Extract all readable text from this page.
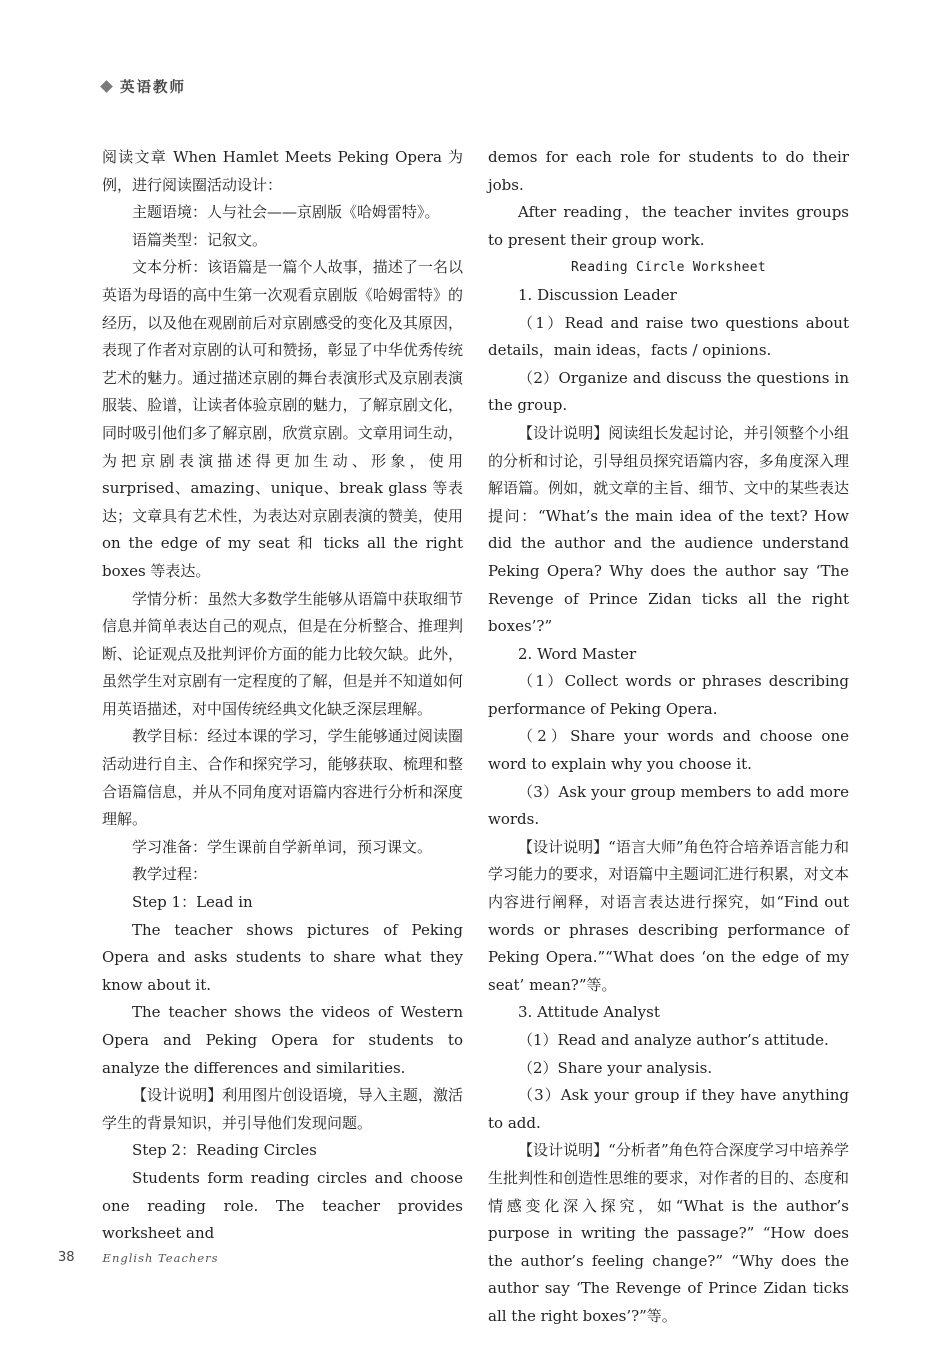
英语教师

阅读文章 When Hamlet Meets Peking Opera 为例，进行阅读圈活动设计：

主题语境：人与社会——京剧版《哈姆雷特》。

语篇类型：记叙文。

文本分析：该语篇是一篇个人故事，描述了一名以英语为母语的高中生第一次观看京剧版《哈姆雷特》的经历，以及他在观剧前后对京剧感受的变化及其原因，表现了作者对京剧的认可和赞扬，彰显了中华优秀传统艺术的魅力。通过描述京剧的舞台表演形式及京剧表演服装、脸谱，让读者体验京剧的魅力，了解京剧文化，同时吸引他们多了解京剧，欣赏京剧。文章用词生动，为把京剧表演描述得更加生动、形象，使用 surprised、amazing、unique、break glass 等表达；文章具有艺术性，为表达对京剧表演的赞美，使用 on the edge of my seat 和 ticks all the right boxes 等表达。

学情分析：虽然大多数学生能够从语篇中获取细节信息并简单表达自己的观点，但是在分析整合、推理判断、论证观点及批判评价方面的能力比较欠缺。此外，虽然学生对京剧有一定程度的了解，但是并不知道如何用英语描述，对中国传统经典文化缺乏深层理解。

教学目标：经过本课的学习，学生能够通过阅读圈活动进行自主、合作和探究学习，能够获取、梳理和整合语篇信息，并从不同角度对语篇内容进行分析和深度理解。

学习准备：学生课前自学新单词，预习课文。

教学过程：

Step 1：Lead in

The teacher shows pictures of Peking Opera and asks students to share what they know about it.

The teacher shows the videos of Western Opera and Peking Opera for students to analyze the differences and similarities.

【设计说明】利用图片创设语境，导入主题，激活学生的背景知识，并引导他们发现问题。

Step 2：Reading Circles

Students form reading circles and choose one reading role. The teacher provides worksheet and

demos for each role for students to do their jobs.

After reading，the teacher invites groups to present their group work.

Reading Circle Worksheet

1. Discussion Leader

（1）Read and raise two questions about details，main ideas，facts / opinions.

（2）Organize and discuss the questions in the group.

【设计说明】阅读组长发起讨论，并引领整个小组的分析和讨论，引导组员探究语篇内容，多角度深入理解语篇。例如，就文章的主旨、细节、文中的某些表达提问：“What’s the main idea of the text? How did the author and the audience understand Peking Opera? Why does the author say ‘The Revenge of Prince Zidan ticks all the right boxes’?”

2. Word Master

（1）Collect words or phrases describing performance of Peking Opera.

（2）Share your words and choose one word to explain why you choose it.

（3）Ask your group members to add more words.

【设计说明】“语言大师”角色符合培养语言能力和学习能力的要求，对语篇中主题词汇进行积累，对文本内容进行阐释，对语言表达进行探究，如“Find out words or phrases describing performance of Peking Opera.”“What does ‘on the edge of my seat’ mean?”等。

3. Attitude Analyst

（1）Read and analyze author’s attitude.

（2）Share your analysis.

（3）Ask your group if they have anything to add.

【设计说明】“分析者”角色符合深度学习中培养学生批判性和创造性思维的要求，对作者的目的、态度和情感变化深入探究，如“What is the author’s purpose in writing the passage?” “How does the author’s feeling change?” “Why does the author say ‘The Revenge of Prince Zidan ticks all the right boxes’?”等。

38 English Teachers
